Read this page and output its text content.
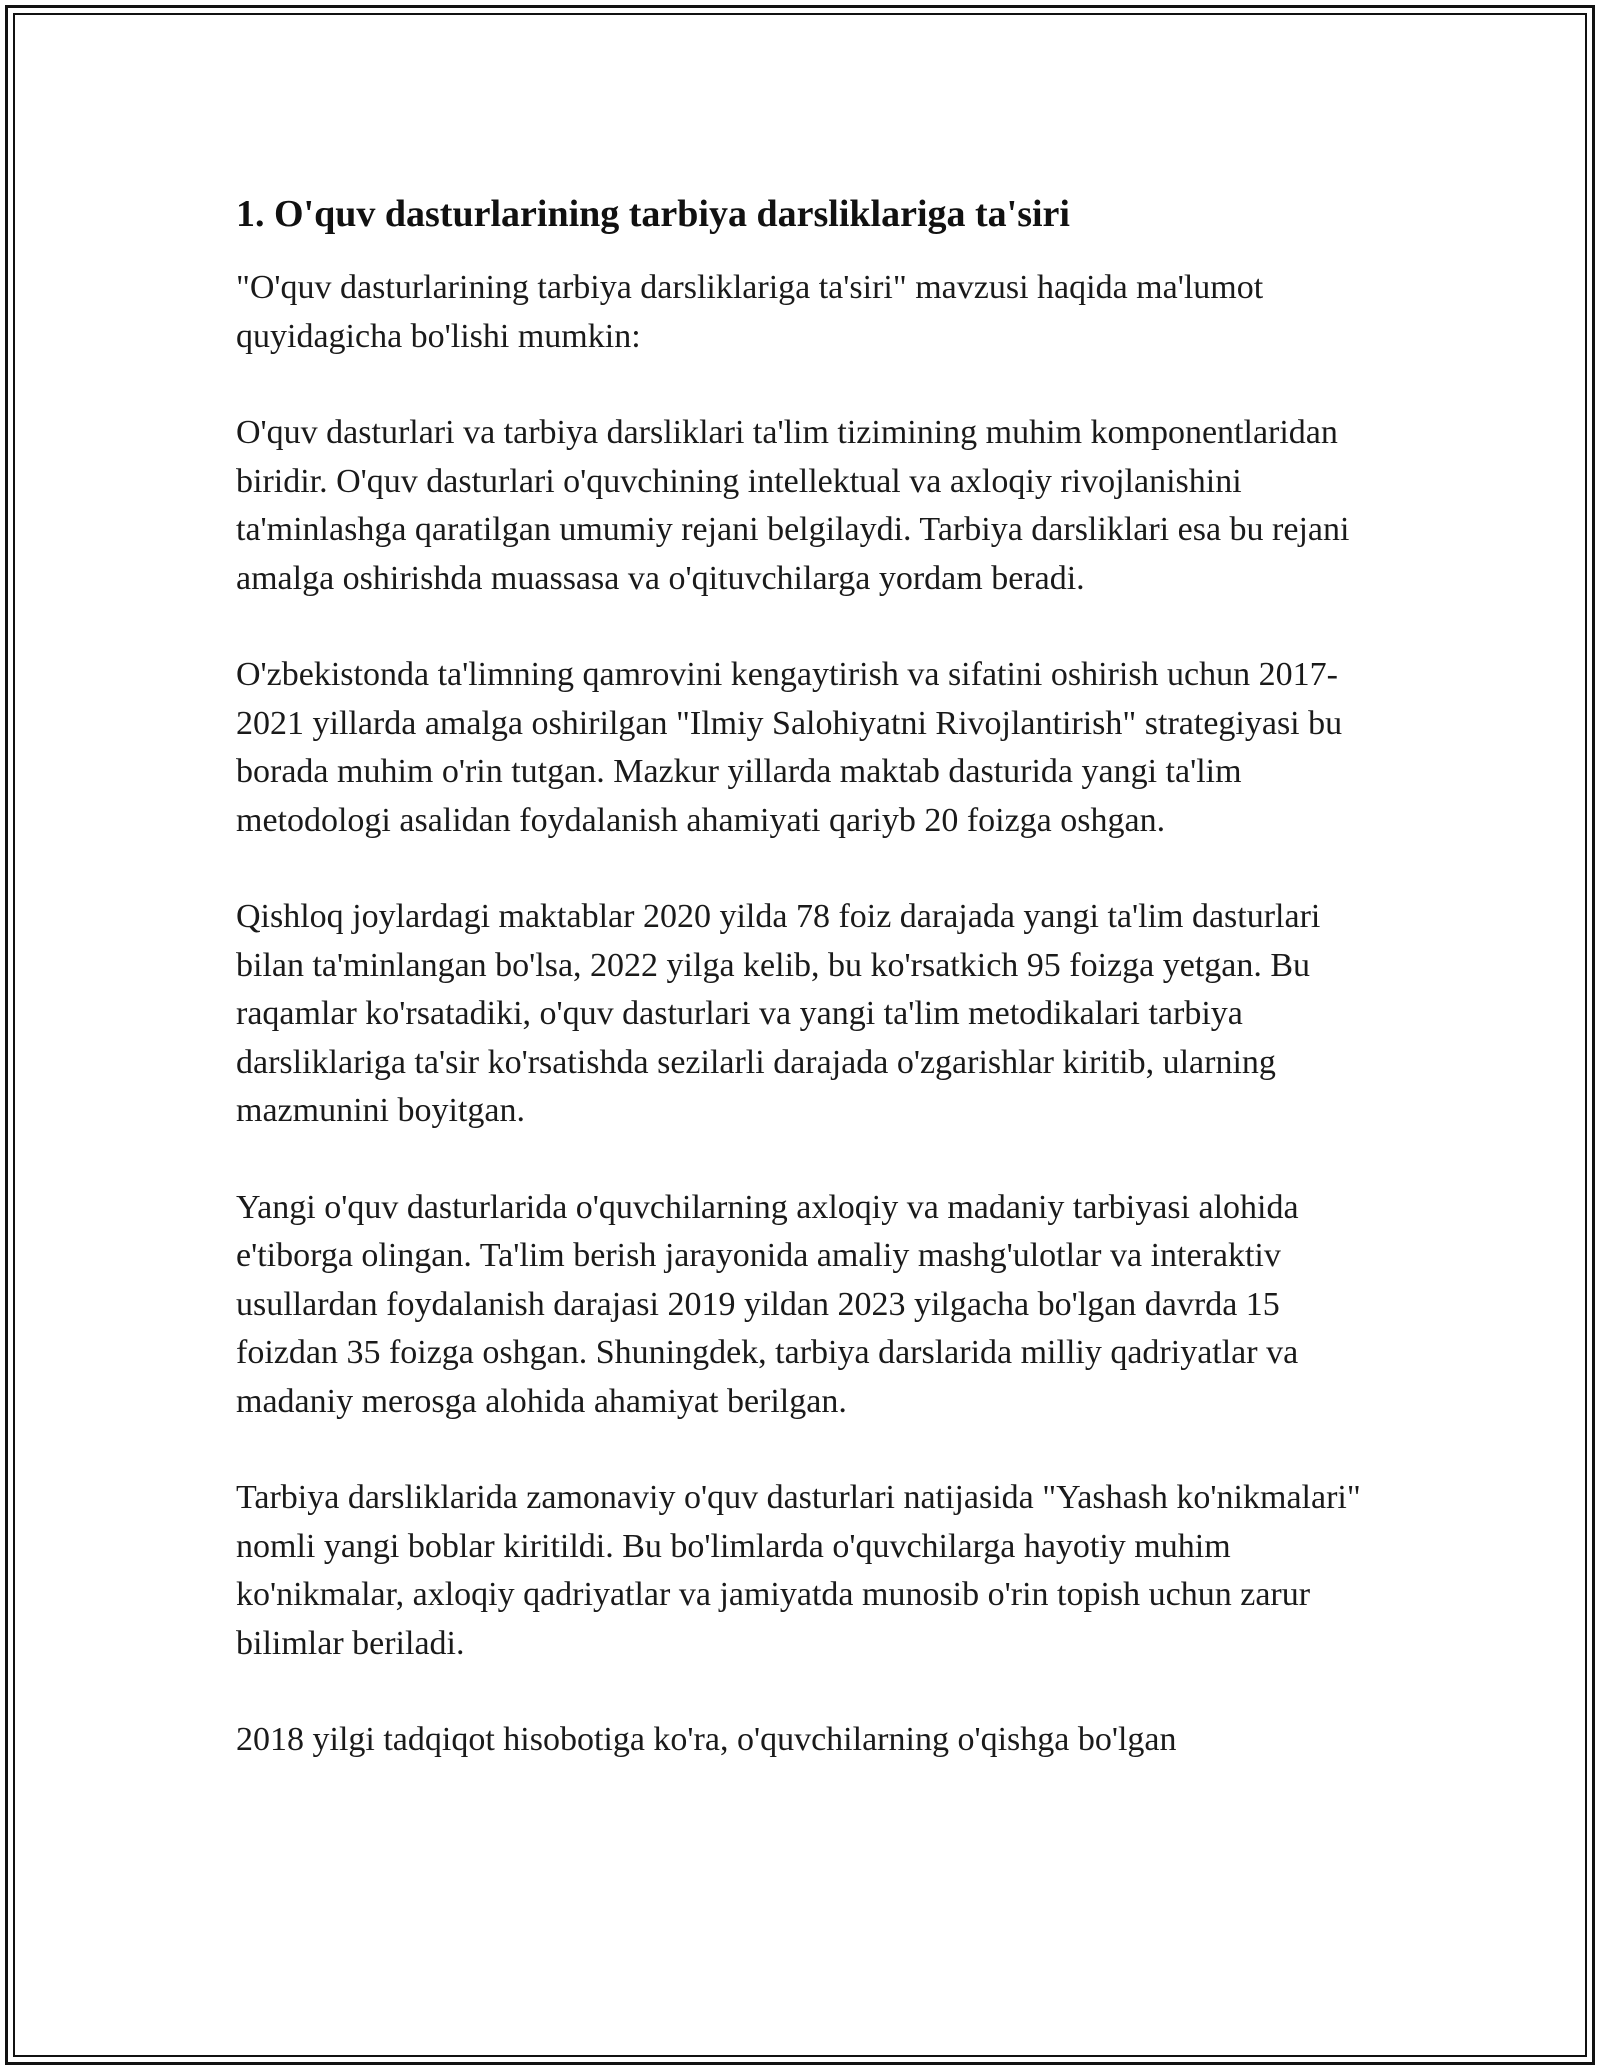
1. O'quv dasturlarining tarbiya darsliklariga ta'siri

"O'quv dasturlarining tarbiya darsliklariga ta'siri" mavzusi haqida ma'lumot quyidagicha bo'lishi mumkin:

O'quv dasturlari va tarbiya darsliklari ta'lim tizimining muhim komponentlaridan biridir. O'quv dasturlari o'quvchining intellektual va axloqiy rivojlanishini ta'minlashga qaratilgan umumiy rejani belgilaydi. Tarbiya darsliklari esa bu rejani amalga oshirishda muassasa va o'qituvchilarga yordam beradi.

O'zbekistonda ta'limning qamrovini kengaytirish va sifatini oshirish uchun 2017-2021 yillarda amalga oshirilgan "Ilmiy Salohiyatni Rivojlantirish" strategiyasi bu borada muhim o'rin tutgan. Mazkur yillarda maktab dasturida yangi ta'lim metodologi asalidan foydalanish ahamiyati qariyb 20 foizga oshgan.

Qishloq joylardagi maktablar 2020 yilda 78 foiz darajada yangi ta'lim dasturlari bilan ta'minlangan bo'lsa, 2022 yilga kelib, bu ko'rsatkich 95 foizga yetgan. Bu raqamlar ko'rsatadiki, o'quv dasturlari va yangi ta'lim metodikalari tarbiya darsliklariga ta'sir ko'rsatishda sezilarli darajada o'zgarishlar kiritib, ularning mazmunini boyitgan.

Yangi o'quv dasturlarida o'quvchilarning axloqiy va madaniy tarbiyasi alohida e'tiborga olingan. Ta'lim berish jarayonida amaliy mashg'ulotlar va interaktiv usullardan foydalanish darajasi 2019 yildan 2023 yilgacha bo'lgan davrda 15 foizdan 35 foizga oshgan. Shuningdek, tarbiya darslarida milliy qadriyatlar va madaniy merosga alohida ahamiyat berilgan.

Tarbiya darsliklarida zamonaviy o'quv dasturlari natijasida "Yashash ko'nikmalari" nomli yangi boblar kiritildi. Bu bo'limlarda o'quvchilarga hayotiy muhim ko'nikmalar, axloqiy qadriyatlar va jamiyatda munosib o'rin topish uchun zarur bilimlar beriladi.

2018 yilgi tadqiqot hisobotiga ko'ra, o'quvchilarning o'qishga bo'lgan
